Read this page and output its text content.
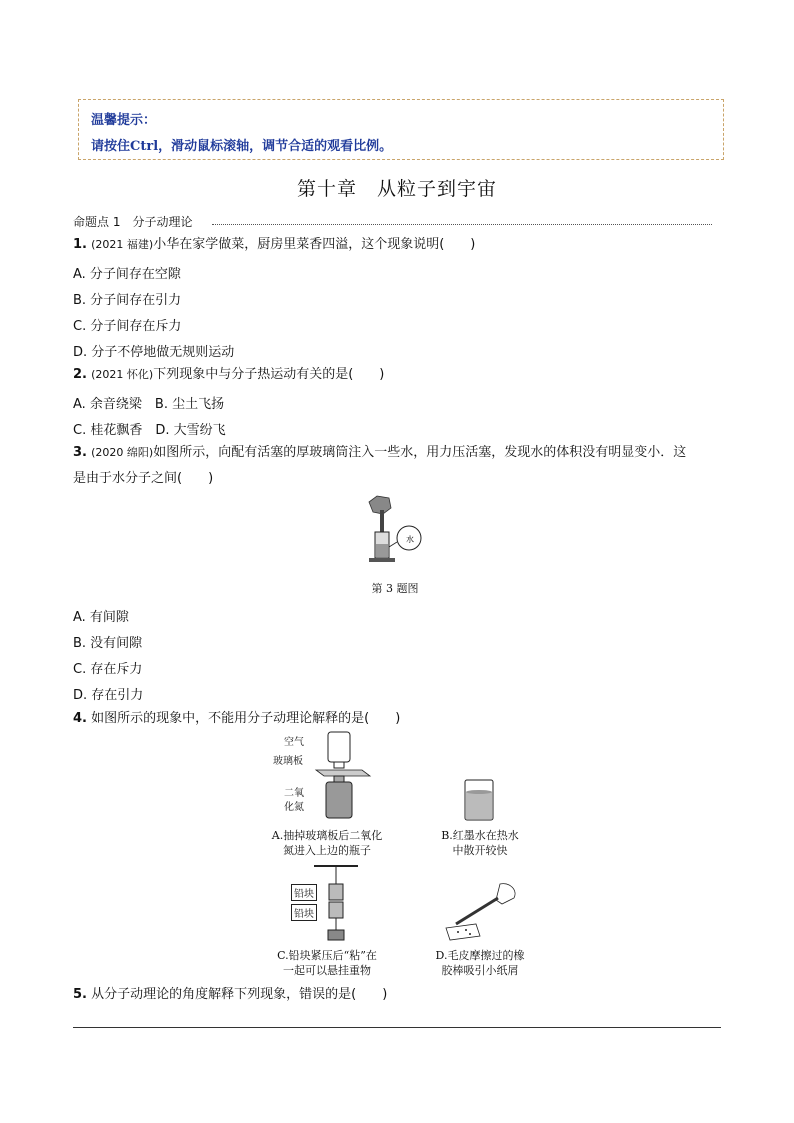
温馨提示：
请按住Ctrl，滑动鼠标滚轴，调节合适的观看比例。
第十章　从粒子到宇宙
命题点 1　分子动理论
1. (2021 福建)小华在家学做菜，厨房里菜香四溢，这个现象说明(　　)
A. 分子间存在空隙
B. 分子间存在引力
C. 分子间存在斥力
D. 分子不停地做无规则运动
2. (2021 怀化)下列现象中与分子热运动有关的是(　　)
A. 余音绕梁　B. 尘土飞扬
C. 桂花飘香　D. 大雪纷飞
3. (2020 绵阳)如图所示，向配有活塞的厚玻璃筒注入一些水，用力压活塞，发现水的体积没有明显变小．这
是由于水分子之间(　　)
水
第 3 题图
A. 有间隙
B. 没有间隙
C. 存在斥力
D. 存在引力
4. 如图所示的现象中，不能用分子动理论解释的是(　　)
空气
玻璃板
二氧
化氮
A.抽掉玻璃板后二氧化
氮进入上边的瓶子
B.红墨水在热水
中散开较快
铅块
铅块
C.铅块紧压后“粘”在
一起可以悬挂重物
D.毛皮摩擦过的橡
胶棒吸引小纸屑
5. 从分子动理论的角度解释下列现象，错误的是(　　)
